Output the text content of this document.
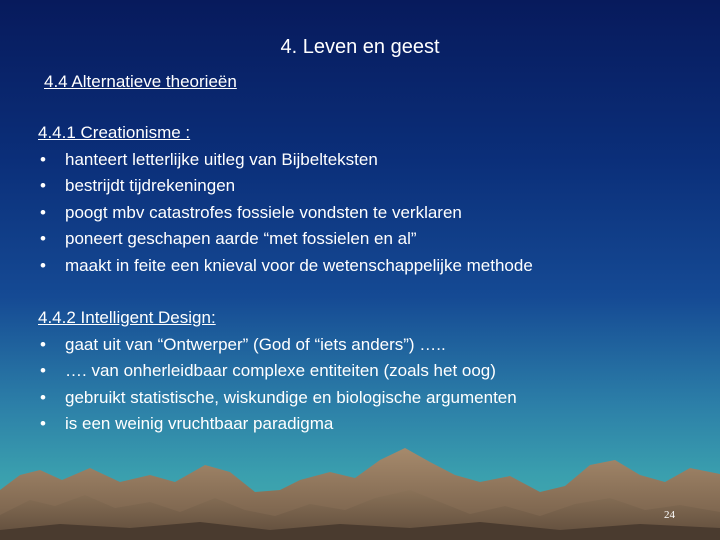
4. Leven en geest
4.4 Alternatieve theorieën
4.4.1 Creationisme :
• hanteert letterlijke uitleg van Bijbelteksten
• bestrijdt tijdrekeningen
• poogt mbv catastrofes fossiele vondsten te verklaren
• poneert geschapen aarde “met fossielen en al”
• maakt in feite een knieval voor de wetenschappelijke methode
4.4.2 Intelligent Design:
• gaat uit van “Ontwerper” (God of “iets anders”) …..
• …. van onherleidbaar complexe entiteiten (zoals het oog)
• gebruikt statistische, wiskundige en biologische argumenten
• is een weinig vruchtbaar paradigma
24
